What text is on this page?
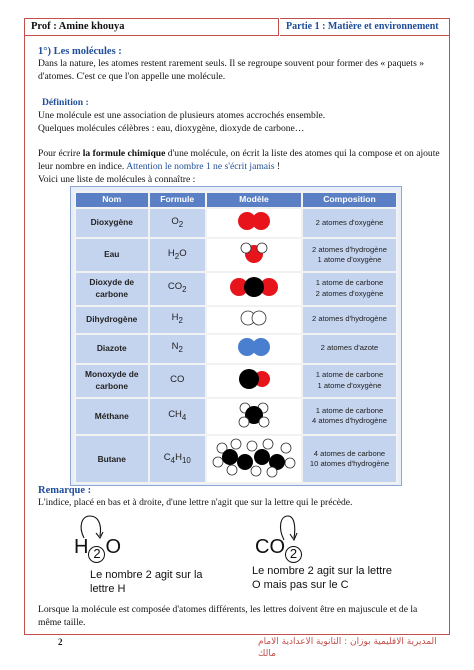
Prof : Amine khouya	Partie 1 : Matière et environnement
1°) Les molécules :
Dans la nature, les atomes restent rarement seuls. Il se regroupe souvent pour former des « paquets » d'atomes. C'est ce que l'on appelle une molécule.
Définition :
Une molécule est une association de plusieurs atomes accrochés ensemble.
Quelques molécules célèbres : eau, dioxygène, dioxyde de carbone…
Pour écrire la formule chimique d'une molécule, on écrit la liste des atomes qui la compose et on ajoute leur nombre en indice. Attention le nombre 1 ne s'écrit jamais !
Voici une liste de molécules à connaître :
Nom	Formule	Modèle	Composition
Dioxygène	$O_2$		2 atomes d'oxygène

Eau	$H_2O$		2 atomes d'hydrogène
1 atome d'oxygène

Dioxyde de carbone	$CO_2$		1 atome de carbone
2 atomes d'oxygène

Dihydrogène	$H_2$		2 atomes d'hydrogène

Diazote	$N_2$		2 atomes d'azote

Monoxyde de carbone	CO		1 atome de carbone
1 atome d'oxygène

Méthane	$CH_4$		1 atome de carbone
4 atomes d'hydrogène

Butane	$C_4H_{10}$		4 atomes de carbone
10 atomes d'hydrogène
Remarque :
L'indice, placé en bas et à droite, d'une lettre n'agit que sur la lettre qui le précède.
H 2 O
Le nombre 2 agit sur la
lettre H
CO 2
Le nombre 2 agit sur la lettre
O mais pas sur le C
Lorsque la molécule est composée d'atomes différents, les lettres doivent être en majuscule et de la même taille.
2	المديرية الاقليمية بوزان : الثانوية الاعدادية الامام مالك
